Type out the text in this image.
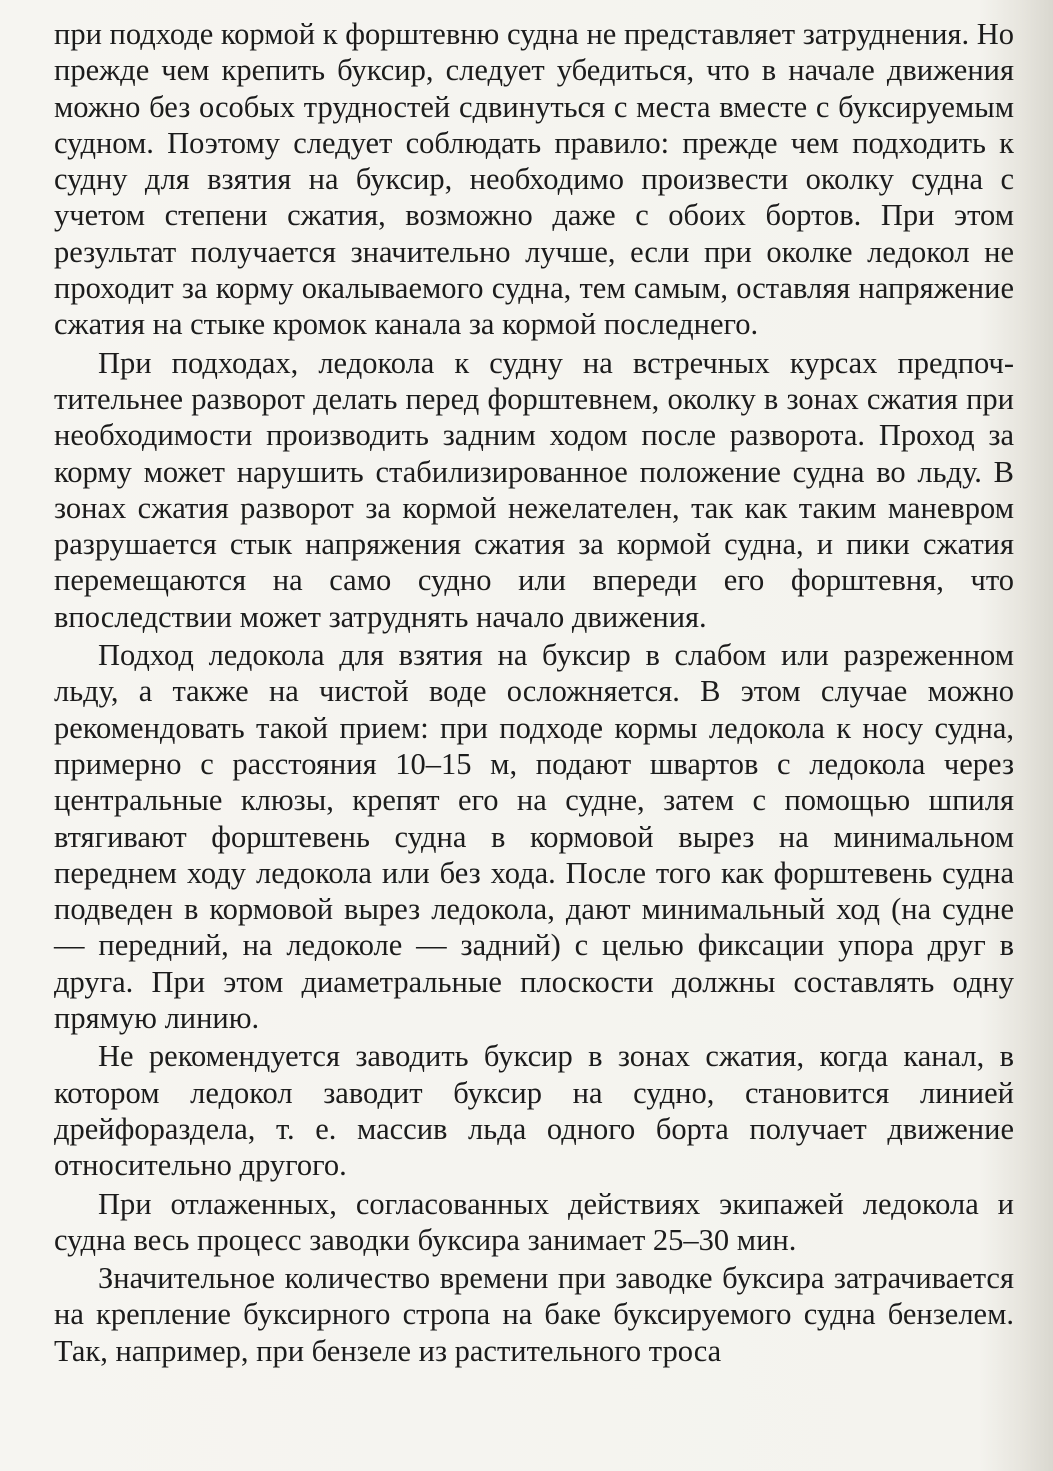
при подходе кормой к форштевню судна не представляет затруднения. Но прежде чем крепить буксир, следует убедиться, что в начале движения можно без особых трудностей сдвинуться с места вместе с буксируемым судном. Поэтому следует соблюдать правило: прежде чем подходить к судну для взятия на буксир, необходимо произвести околку судна с учетом степени сжатия, возможно даже с обоих бортов. При этом результат получается значительно лучше, если при околке ледокол не проходит за корму окалываемого судна, тем самым, оставляя напряжение сжатия на стыке кромок канала за кормой последнего.

При подходах, ледокола к судну на встречных курсах предпочтительнее разворот делать перед форштевнем, околку в зонах сжатия при необходимости производить задним ходом после разворота. Проход за корму может нарушить стабилизированное положение судна во льду. В зонах сжатия разворот за кормой нежелателен, так как таким маневром разрушается стык напряжения сжатия за кормой судна, и пики сжатия перемещаются на само судно или впереди его форштевня, что впоследствии может затруднять начало движения.

Подход ледокола для взятия на буксир в слабом или разреженном льду, а также на чистой воде осложняется. В этом случае можно рекомендовать такой прием: при подходе кормы ледокола к носу судна, примерно с расстояния 10–15 м, подают швартов с ледокола через центральные клюзы, крепят его на судне, затем с помощью шпиля втягивают форштевень судна в кормовой вырез на минимальном переднем ходу ледокола или без хода. После того как форштевень судна подведен в кормовой вырез ледокола, дают минимальный ход (на судне — передний, на ледоколе — задний) с целью фиксации упора друг в друга. При этом диаметральные плоскости должны составлять одну прямую линию.

Не рекомендуется заводить буксир в зонах сжатия, когда канал, в котором ледокол заводит буксир на судно, становится линией дрейфораздела, т. е. массив льда одного борта получает движение относительно другого.

При отлаженных, согласованных действиях экипажей ледокола и судна весь процесс заводки буксира занимает 25–30 мин.

Значительное количество времени при заводке буксира затрачивается на крепление буксирного стропа на баке буксируемого судна бензелем. Так, например, при бензеле из растительного троса
